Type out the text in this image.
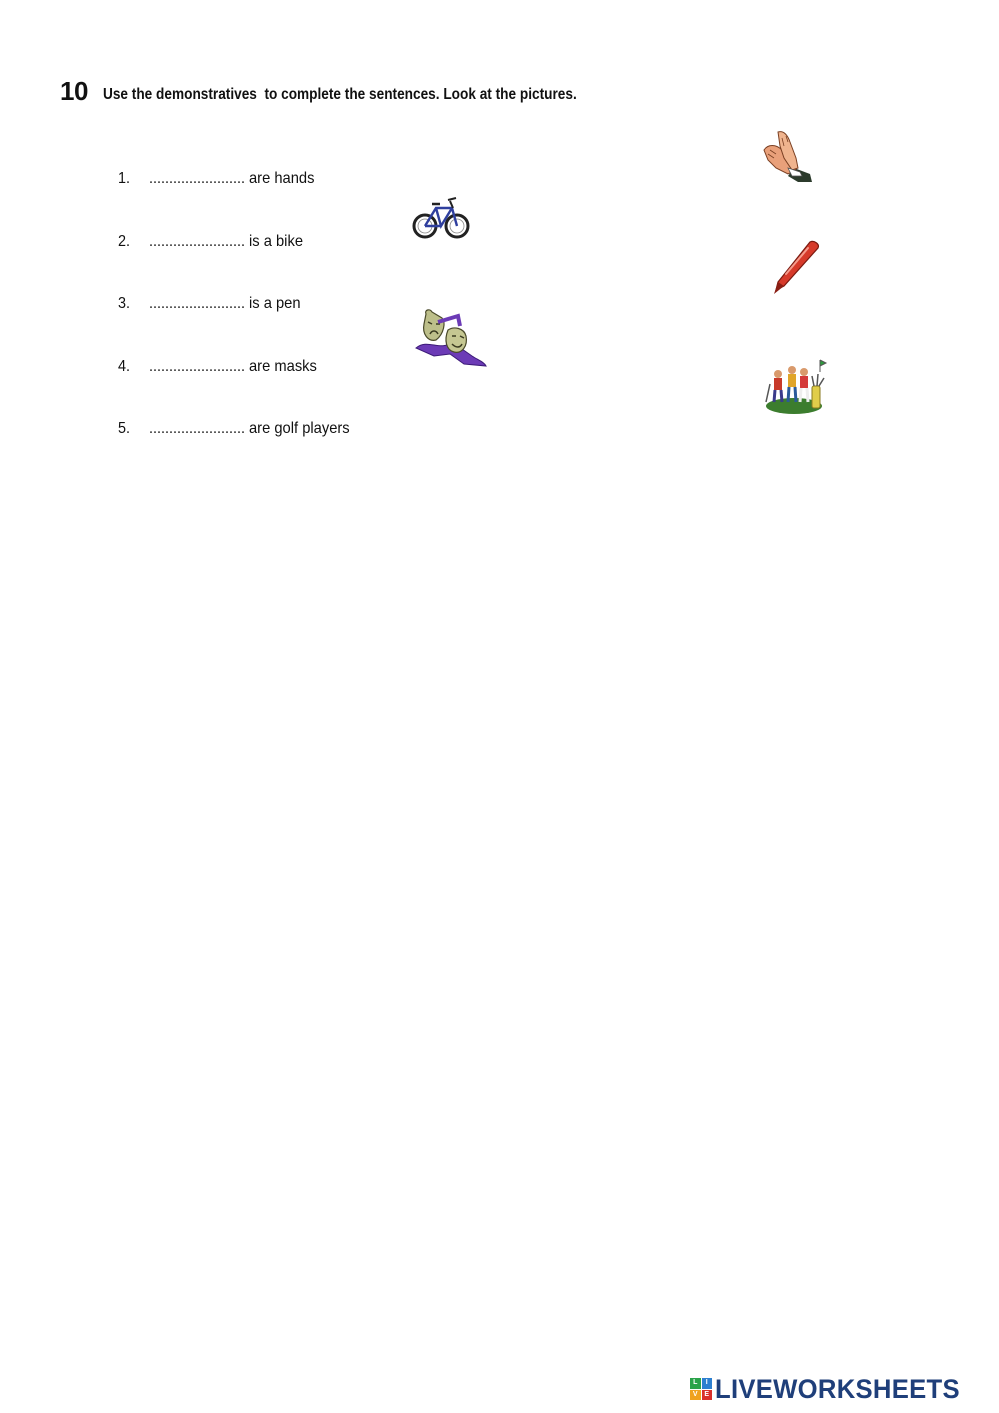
10 Use the demonstratives  to complete the sentences. Look at the pictures.

1. ........................ are hands

2. ........................ is a bike

3. ........................ is a pen

4. ........................ are masks

5. ........................ are golf players

L	I
V E LIVEWORKSHEETS
